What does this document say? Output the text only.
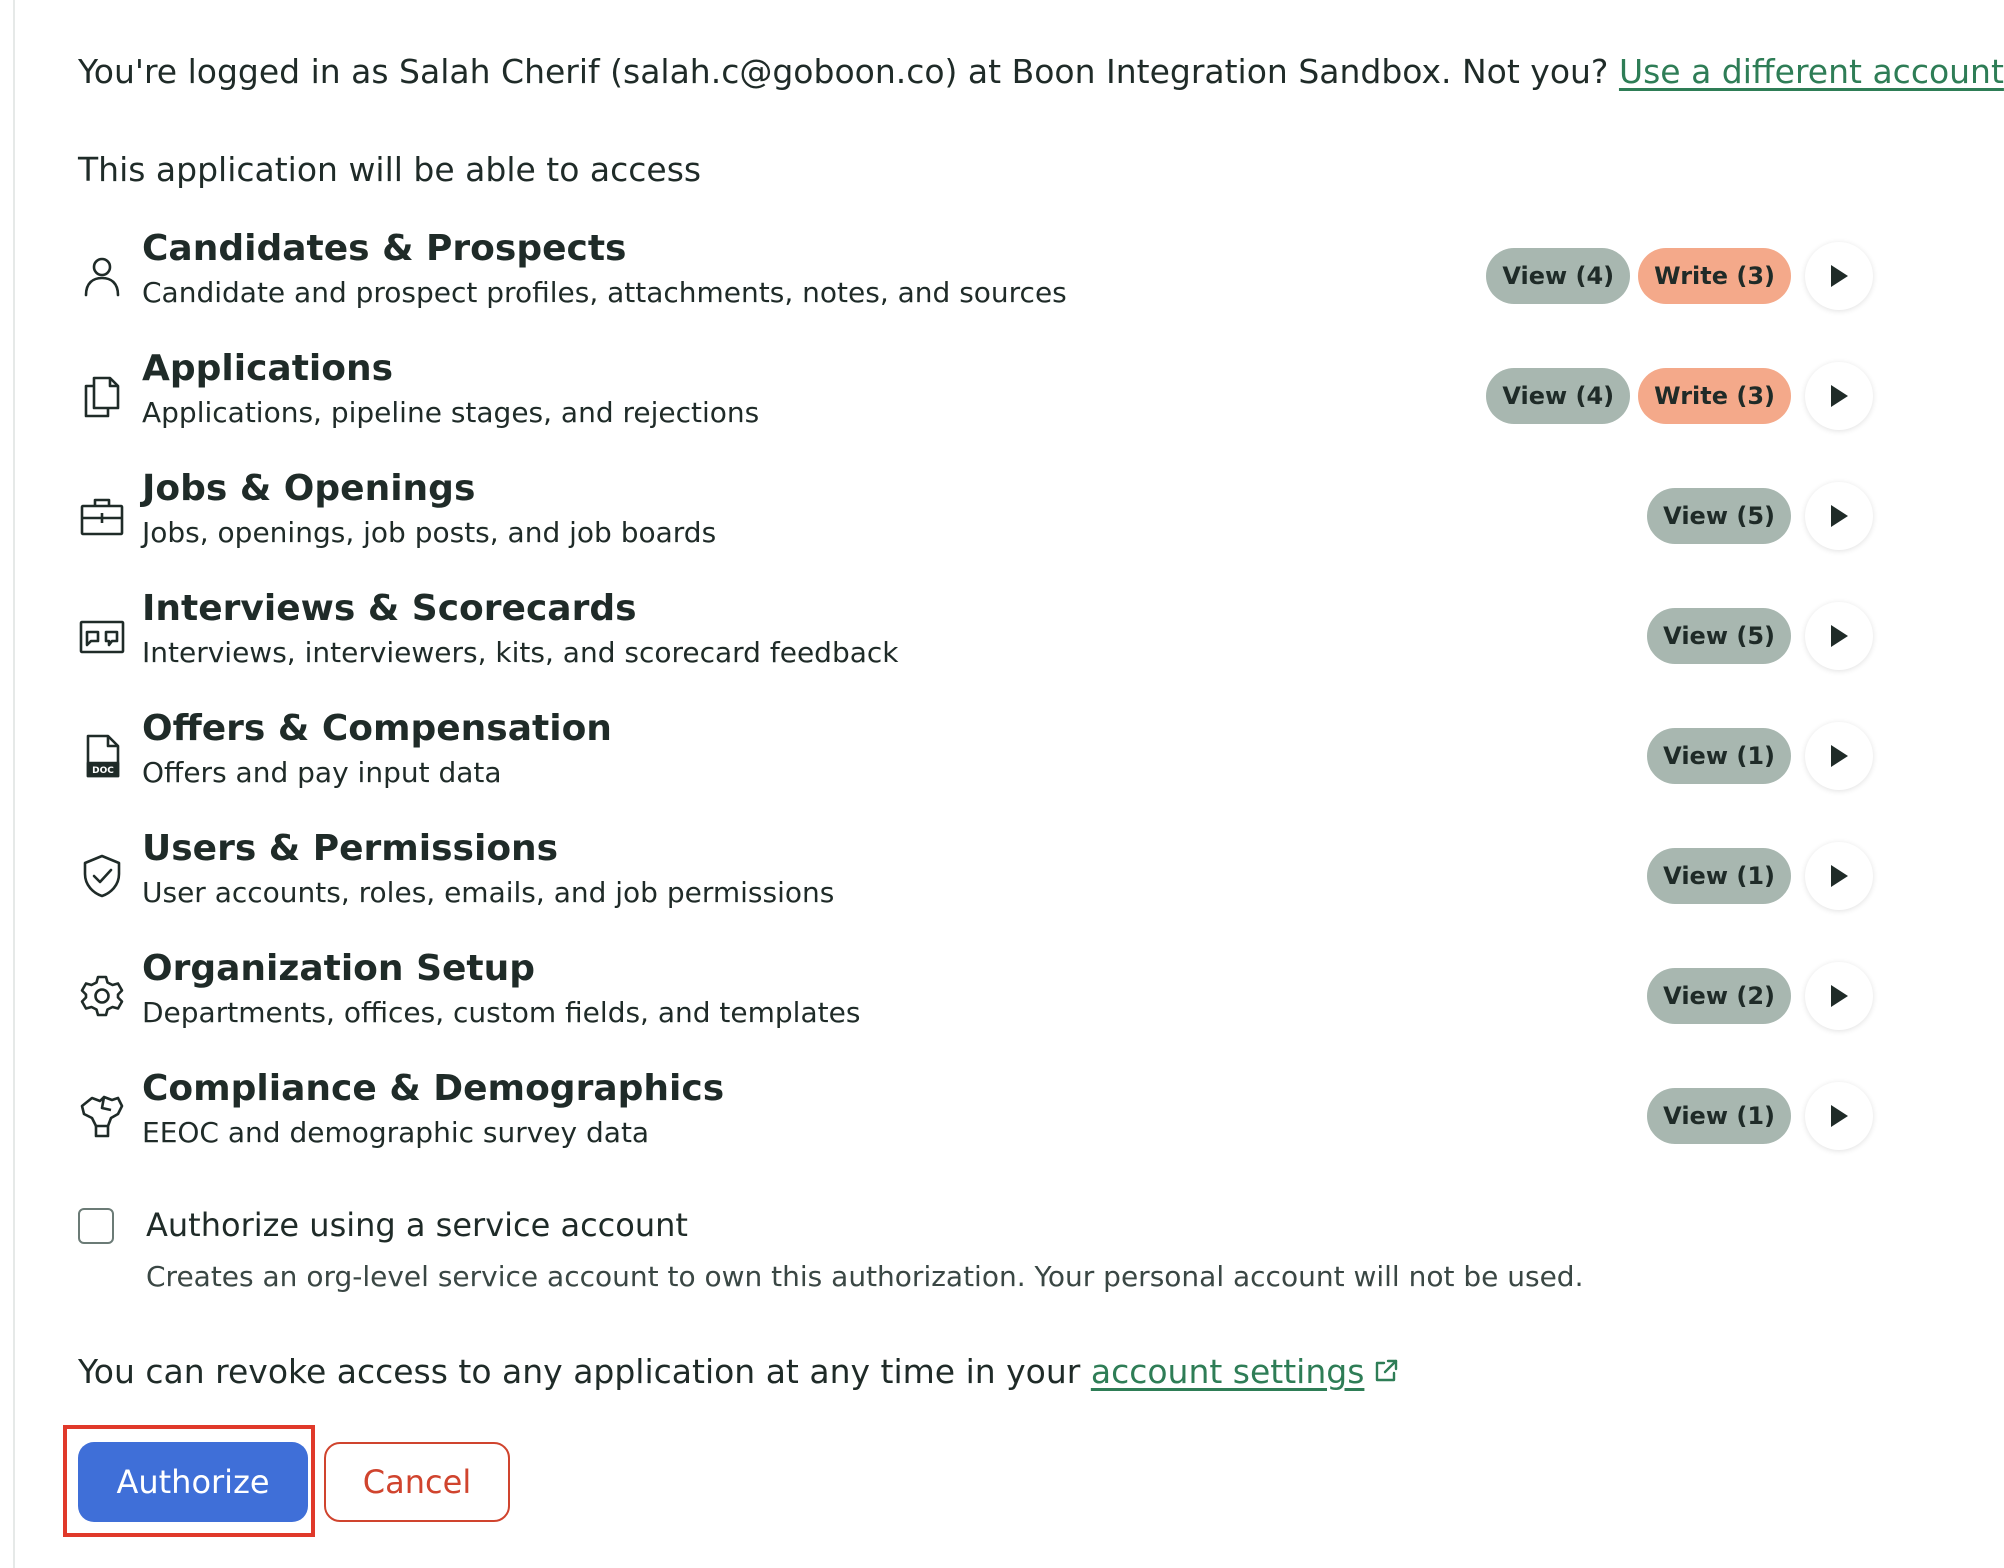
You're logged in as Salah Cherif (salah.c@goboon.co) at Boon Integration Sandbox. Not you? Use a different account
This application will be able to access
Candidates & Prospects
Candidate and prospect profiles, attachments, notes, and sources	View (4)	Write (3)
Applications
Applications, pipeline stages, and rejections	View (4)	Write (3)
Jobs & Openings
Jobs, openings, job posts, and job boards	View (5)
Interviews & Scorecards
Interviews, interviewers, kits, and scorecard feedback	View (5)
DOC
Offers & Compensation
Offers and pay input data	View (1)
Users & Permissions
User accounts, roles, emails, and job permissions	View (1)
Organization Setup
Departments, offices, custom fields, and templates	View (2)
Compliance & Demographics
EEOC and demographic survey data	View (1)
Authorize using a service account
Creates an org-level service account to own this authorization. Your personal account will not be used.
You can revoke access to any application at any time in your account settings
Authorize	Cancel
